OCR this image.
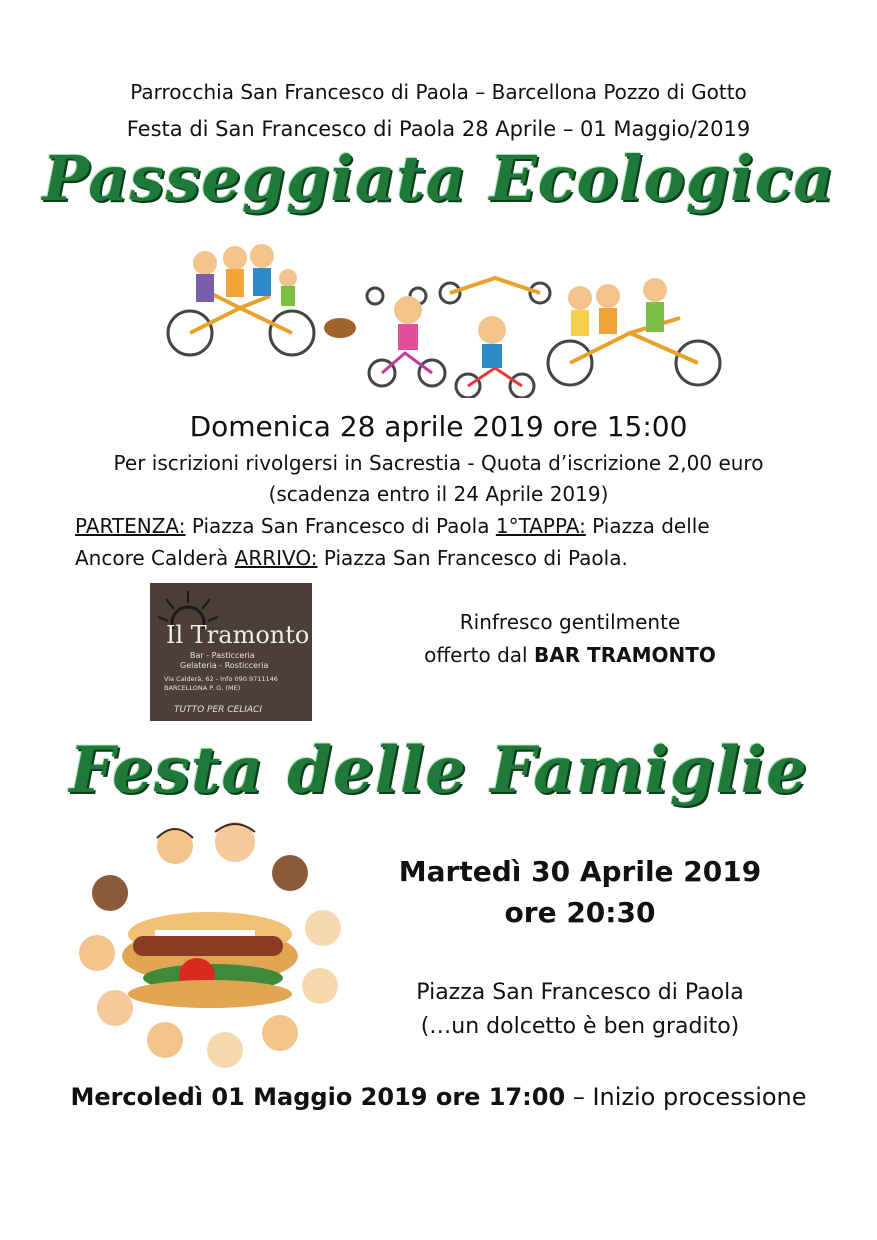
Parrocchia San Francesco di Paola – Barcellona Pozzo di Gotto
Festa di San Francesco di Paola 28 Aprile – 01 Maggio/2019
Passeggiata Ecologica
Domenica 28 aprile 2019 ore 15:00
Per iscrizioni rivolgersi in Sacrestia - Quota d’iscrizione 2,00 euro
(scadenza entro il 24 Aprile 2019)
PARTENZA: Piazza San Francesco di Paola 1°TAPPA: Piazza delle
Ancore Calderà ARRIVO: Piazza San Francesco di Paola.
Il Tramonto
Bar - Pasticceria
Gelateria - Rosticceria
Via Calderà, 62 - Info 090.9711146
BARCELLONA P. G. (ME)
TUTTO PER CELIACI
Rinfresco gentilmente
offerto dal BAR TRAMONTO
Festa delle Famiglie
Martedì 30 Aprile 2019
ore 20:30
Piazza San Francesco di Paola
(…un dolcetto è ben gradito)
Mercoledì 01 Maggio 2019 ore 17:00 – Inizio processione
